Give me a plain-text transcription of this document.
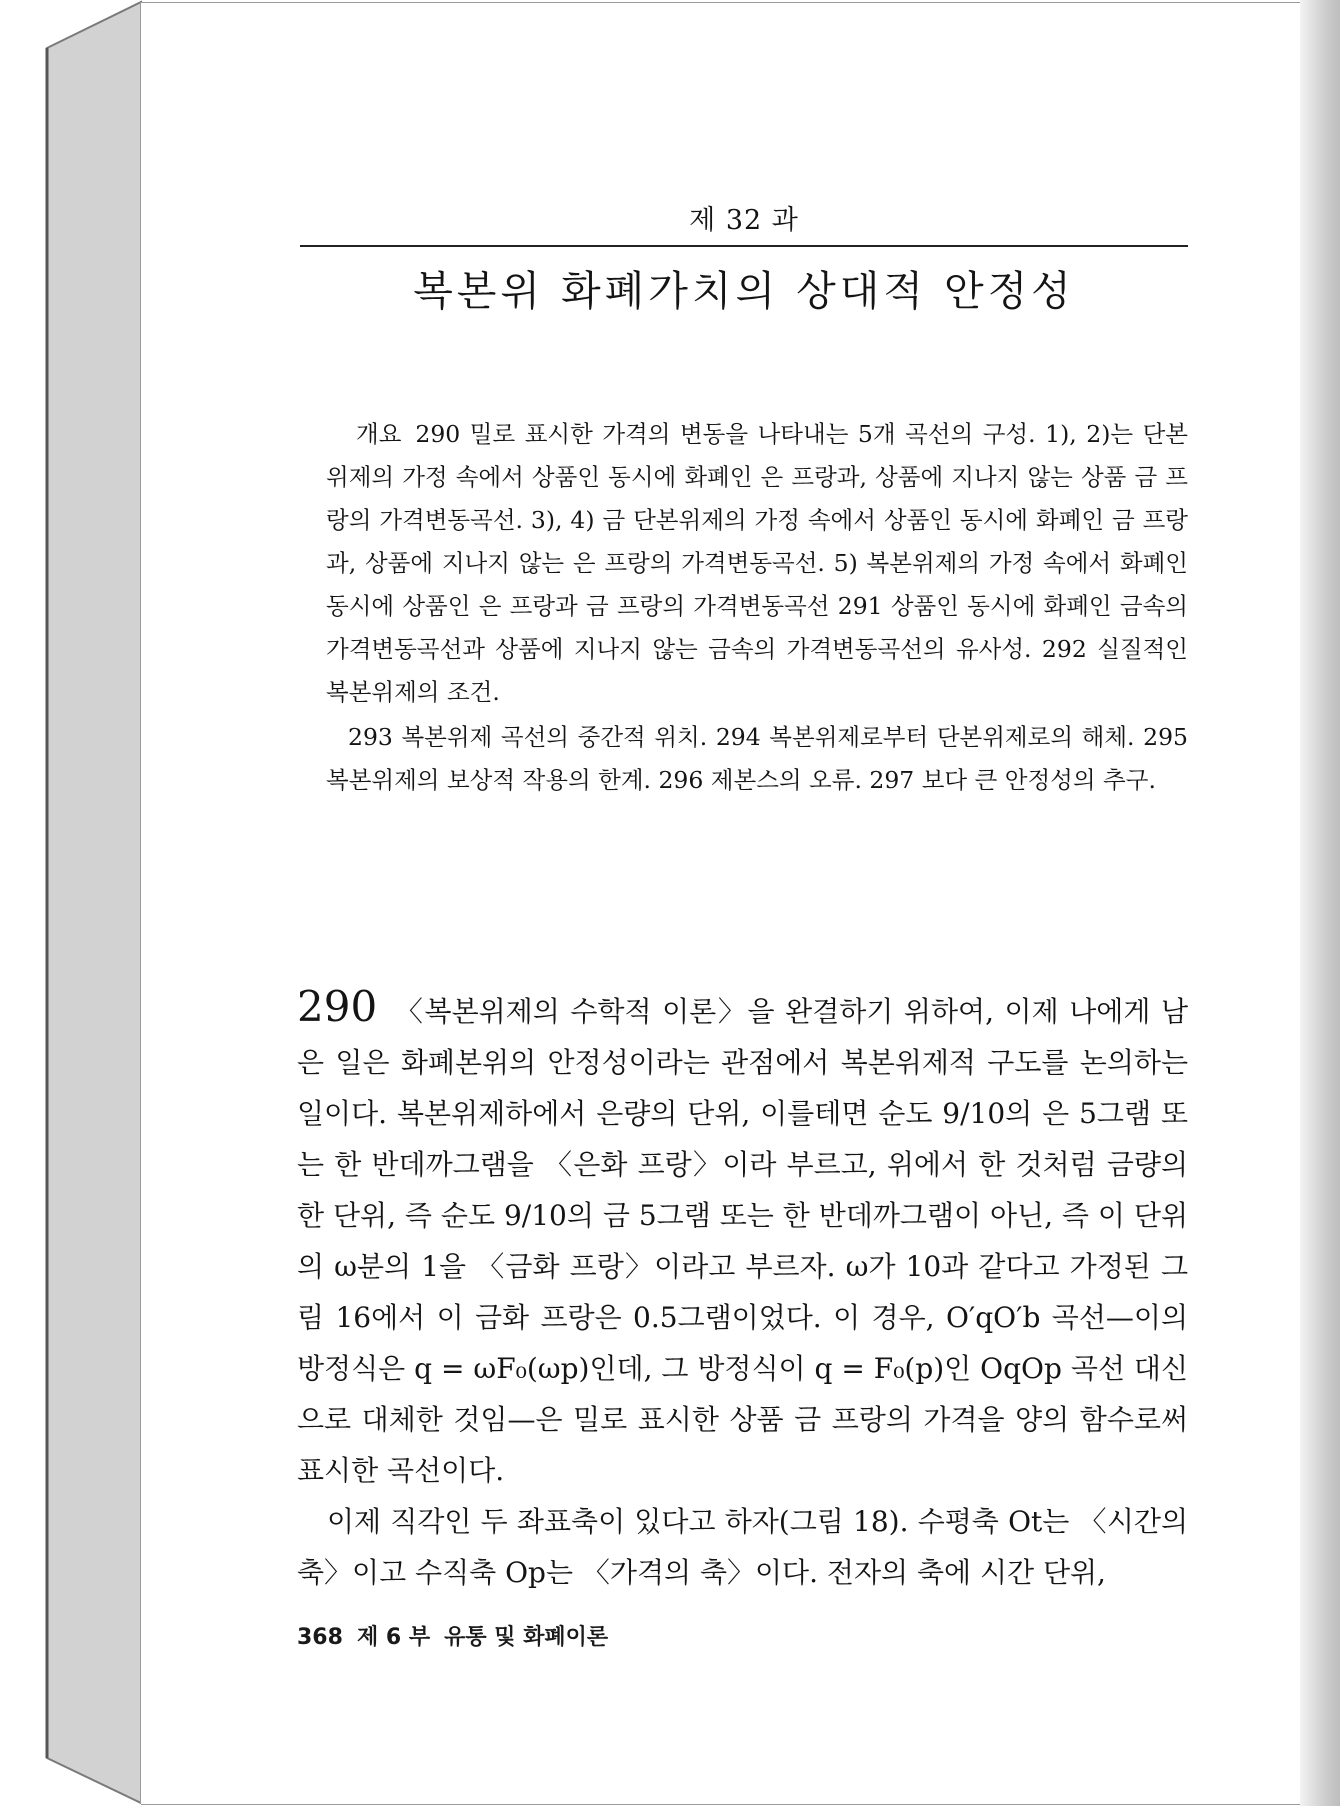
제 32 과
복본위 화폐가치의 상대적 안정성

개요 290 밀로 표시한 가격의 변동을 나타내는 5개 곡선의 구성. 1), 2)는 단본위제의 가정 속에서 상품인 동시에 화폐인 은 프랑과, 상품에 지나지 않는 상품 금 프랑의 가격변동곡선. 3), 4) 금 단본위제의 가정 속에서 상품인 동시에 화폐인 금 프랑과, 상품에 지나지 않는 은 프랑의 가격변동곡선. 5) 복본위제의 가정 속에서 화폐인 동시에 상품인 은 프랑과 금 프랑의 가격변동곡선 291 상품인 동시에 화폐인 금속의 가격변동곡선과 상품에 지나지 않는 금속의 가격변동곡선의 유사성. 292 실질적인 복본위제의 조건.

293 복본위제 곡선의 중간적 위치. 294 복본위제로부터 단본위제로의 해체. 295 복본위제의 보상적 작용의 한계. 296 제본스의 오류. 297 보다 큰 안정성의 추구.

290 〈복본위제의 수학적 이론〉을 완결하기 위하여, 이제 나에게 남은 일은 화폐본위의 안정성이라는 관점에서 복본위제적 구도를 논의하는 일이다. 복본위제하에서 은량의 단위, 이를테면 순도 9/10의 은 5그램 또는 한 반데까그램을 〈은화 프랑〉이라 부르고, 위에서 한 것처럼 금량의 한 단위, 즉 순도 9/10의 금 5그램 또는 한 반데까그램이 아닌, 즉 이 단위의 ω분의 1을 〈금화 프랑〉이라고 부르자. ω가 10과 같다고 가정된 그림 16에서 이 금화 프랑은 0.5그램이었다. 이 경우, O′qO′b 곡선—이의 방정식은 q = ωF₀(ωp)인데, 그 방정식이 q = F₀(p)인 OqOp 곡선 대신으로 대체한 것임—은 밀로 표시한 상품 금 프랑의 가격을 양의 함수로써 표시한 곡선이다.

이제 직각인 두 좌표축이 있다고 하자(그림 18). 수평축 Ot는 〈시간의 축〉이고 수직축 Op는 〈가격의 축〉이다. 전자의 축에 시간 단위,

368 제 6 부 유통 및 화폐이론
